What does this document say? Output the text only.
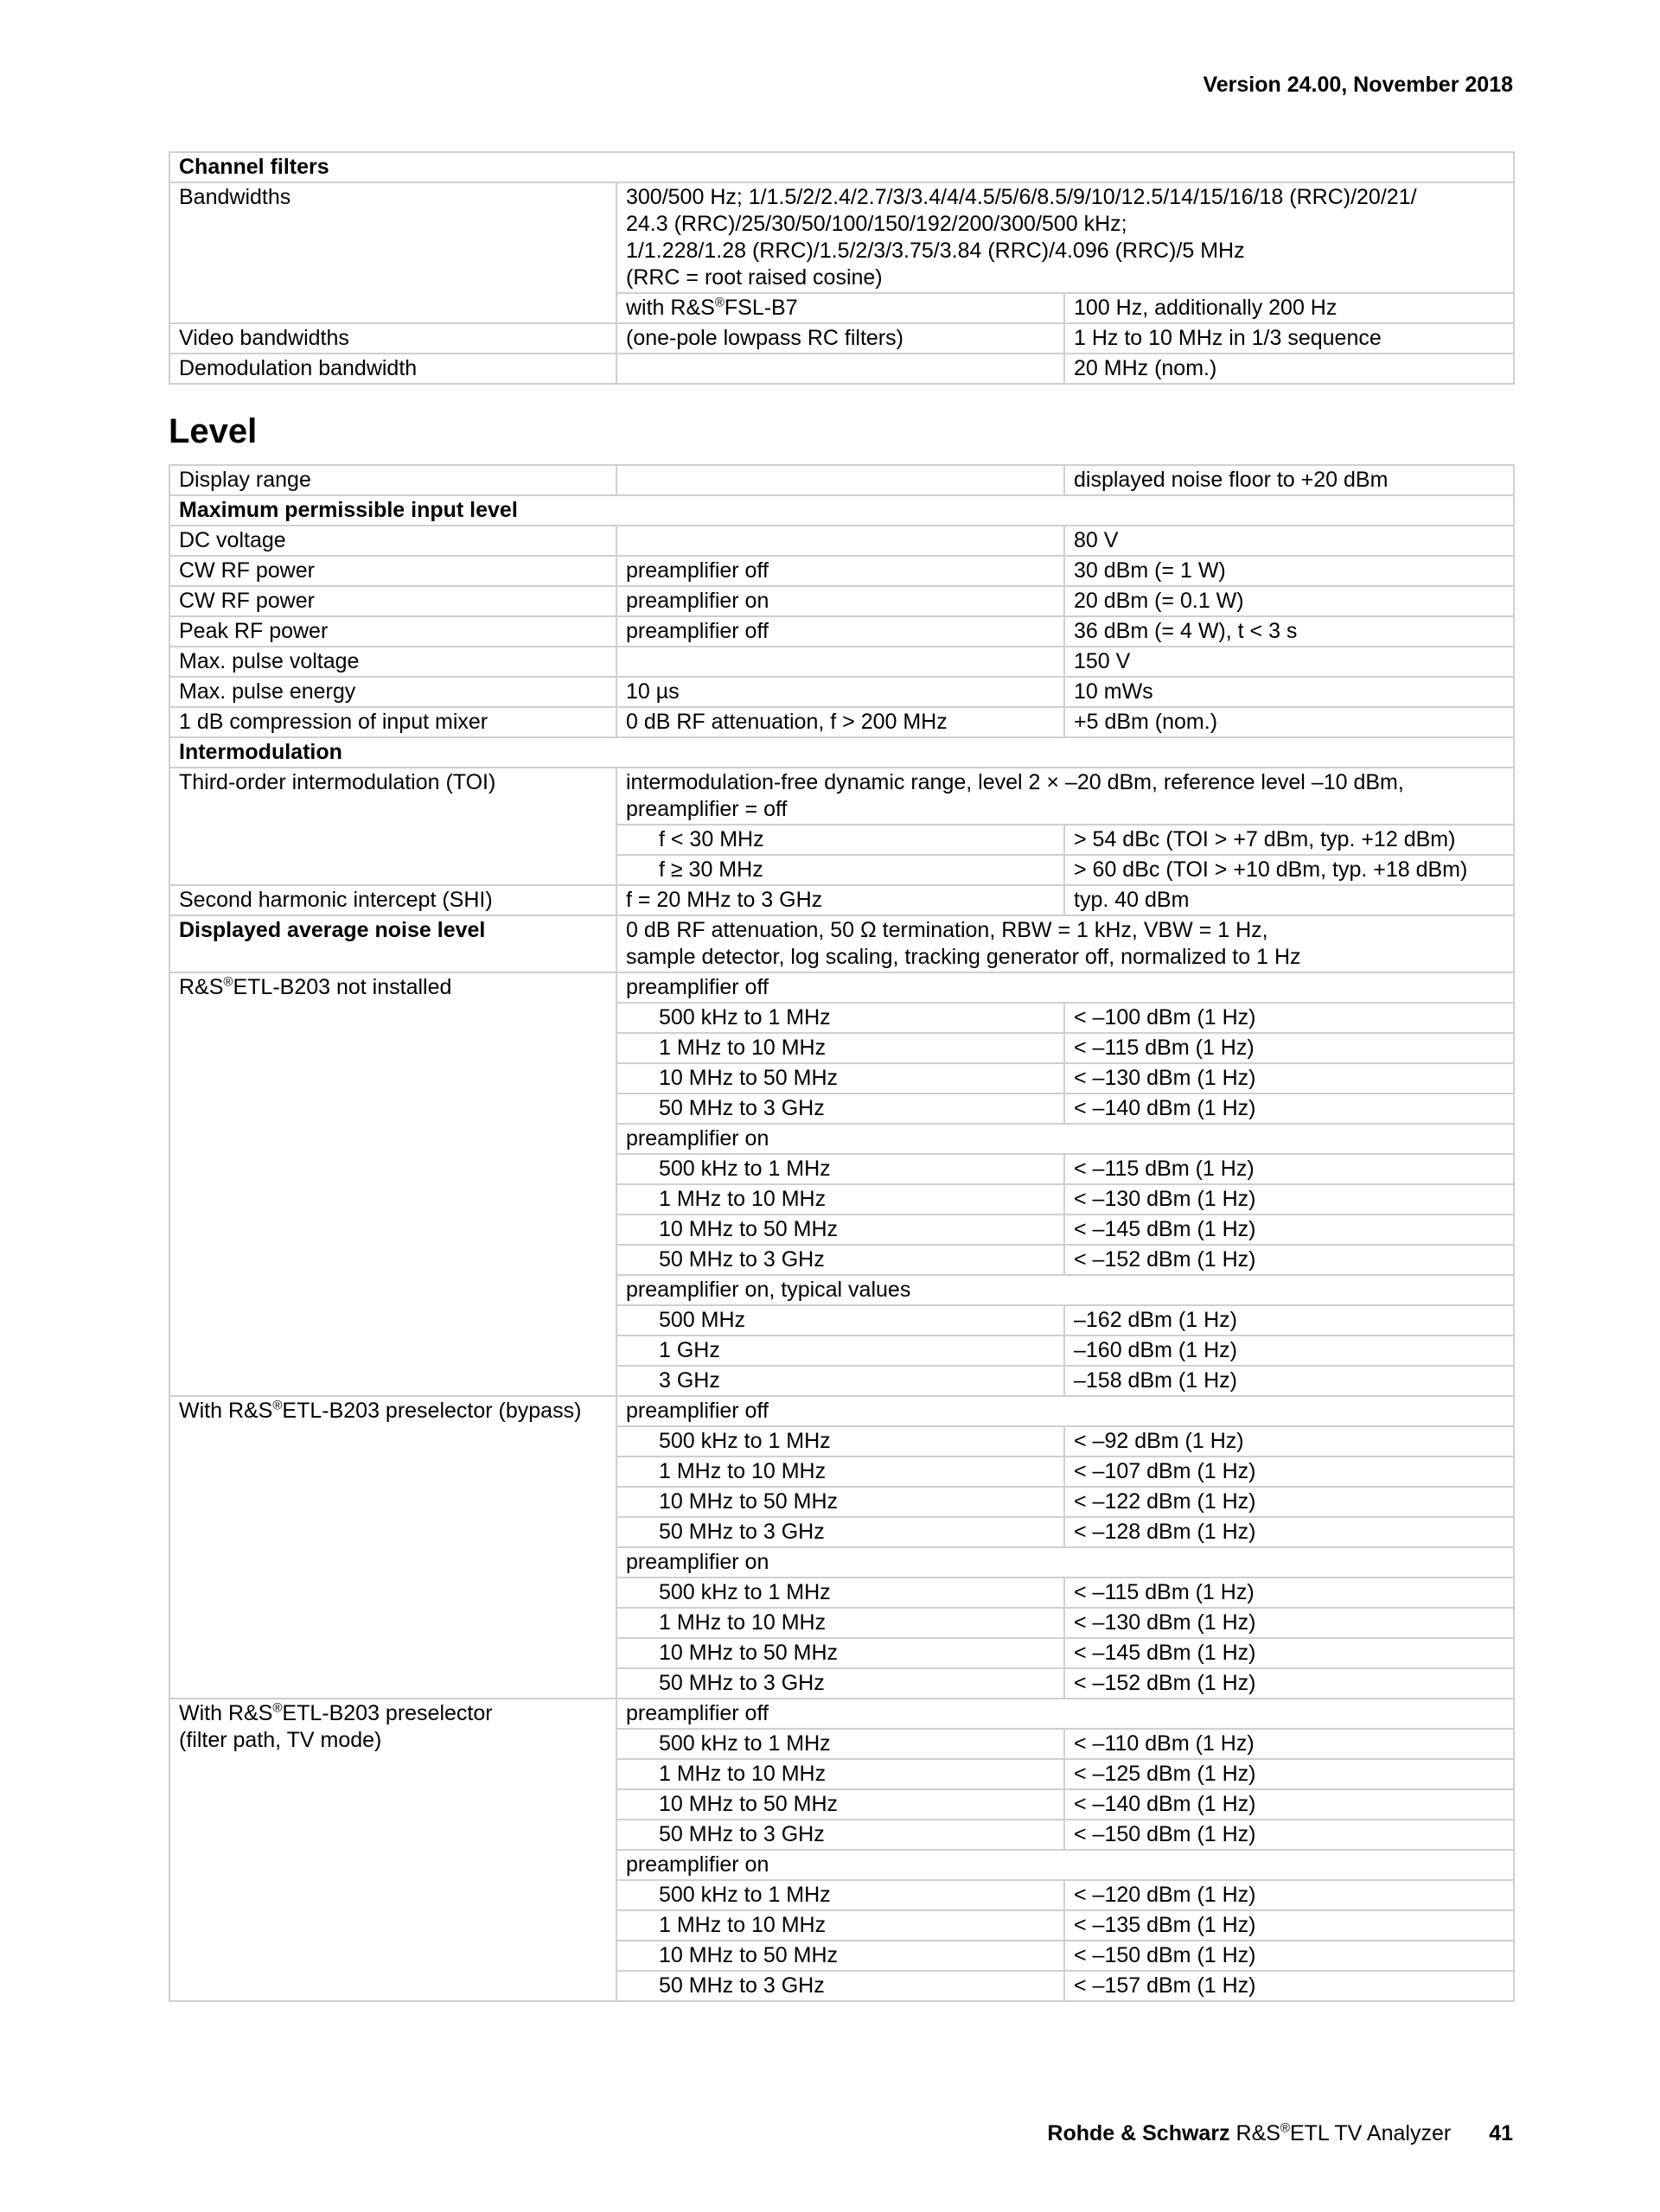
Version 24.00, November 2018
Channel filters		
Bandwidths	300/500 Hz; 1/1.5/2/2.4/2.7/3/3.4/4/4.5/5/6/8.5/9/10/12.5/14/15/16/18 (RRC)/20/21/
24.3 (RRC)/25/30/50/100/150/192/200/300/500 kHz;
1/1.228/1.28 (RRC)/1.5/2/3/3.75/3.84 (RRC)/4.096 (RRC)/5 MHz
(RRC = root raised cosine)	
	with R&S®FSL-B7	100 Hz, additionally 200 Hz
Video bandwidths	(one-pole lowpass RC filters)	1 Hz to 10 MHz in 1/3 sequence
Demodulation bandwidth		20 MHz (nom.)
Level
Display range		displayed noise floor to +20 dBm
Maximum permissible input level		
DC voltage		80 V
CW RF power	preamplifier off	30 dBm (= 1 W)
CW RF power	preamplifier on	20 dBm (= 0.1 W)
Peak RF power	preamplifier off	36 dBm (= 4 W), t < 3 s
Max. pulse voltage		150 V
Max. pulse energy	10 µs	10 mWs
1 dB compression of input mixer	0 dB RF attenuation, f > 200 MHz	+5 dBm (nom.)
Intermodulation		
Third-order intermodulation (TOI)	intermodulation-free dynamic range, level 2 × –20 dBm, reference level –10 dBm,
preamplifier = off	
	f < 30 MHz	> 54 dBc (TOI > +7 dBm, typ. +12 dBm)
	f ≥ 30 MHz	> 60 dBc (TOI > +10 dBm, typ. +18 dBm)
Second harmonic intercept (SHI)	f = 20 MHz to 3 GHz	typ. 40 dBm
Displayed average noise level	0 dB RF attenuation, 50 Ω termination, RBW = 1 kHz, VBW = 1 Hz,
sample detector, log scaling, tracking generator off, normalized to 1 Hz	
R&S®ETL-B203 not installed	preamplifier off	
	500 kHz to 1 MHz	< –100 dBm (1 Hz)
	1 MHz to 10 MHz	< –115 dBm (1 Hz)
	10 MHz to 50 MHz	< –130 dBm (1 Hz)
	50 MHz to 3 GHz	< –140 dBm (1 Hz)
	preamplifier on	
	500 kHz to 1 MHz	< –115 dBm (1 Hz)
	1 MHz to 10 MHz	< –130 dBm (1 Hz)
	10 MHz to 50 MHz	< –145 dBm (1 Hz)
	50 MHz to 3 GHz	< –152 dBm (1 Hz)
	preamplifier on, typical values	
	500 MHz	–162 dBm (1 Hz)
	1 GHz	–160 dBm (1 Hz)
	3 GHz	–158 dBm (1 Hz)
With R&S®ETL-B203 preselector (bypass)	preamplifier off	
	500 kHz to 1 MHz	< –92 dBm (1 Hz)
	1 MHz to 10 MHz	< –107 dBm (1 Hz)
	10 MHz to 50 MHz	< –122 dBm (1 Hz)
	50 MHz to 3 GHz	< –128 dBm (1 Hz)
	preamplifier on	
	500 kHz to 1 MHz	< –115 dBm (1 Hz)
	1 MHz to 10 MHz	< –130 dBm (1 Hz)
	10 MHz to 50 MHz	< –145 dBm (1 Hz)
	50 MHz to 3 GHz	< –152 dBm (1 Hz)
With R&S®ETL-B203 preselector
(filter path, TV mode)	preamplifier off	
	500 kHz to 1 MHz	< –110 dBm (1 Hz)
	1 MHz to 10 MHz	< –125 dBm (1 Hz)
	10 MHz to 50 MHz	< –140 dBm (1 Hz)
	50 MHz to 3 GHz	< –150 dBm (1 Hz)
	preamplifier on	
	500 kHz to 1 MHz	< –120 dBm (1 Hz)
	1 MHz to 10 MHz	< –135 dBm (1 Hz)
	10 MHz to 50 MHz	< –150 dBm (1 Hz)
	50 MHz to 3 GHz	< –157 dBm (1 Hz)
Rohde & Schwarz R&S®ETL TV Analyzer 41
